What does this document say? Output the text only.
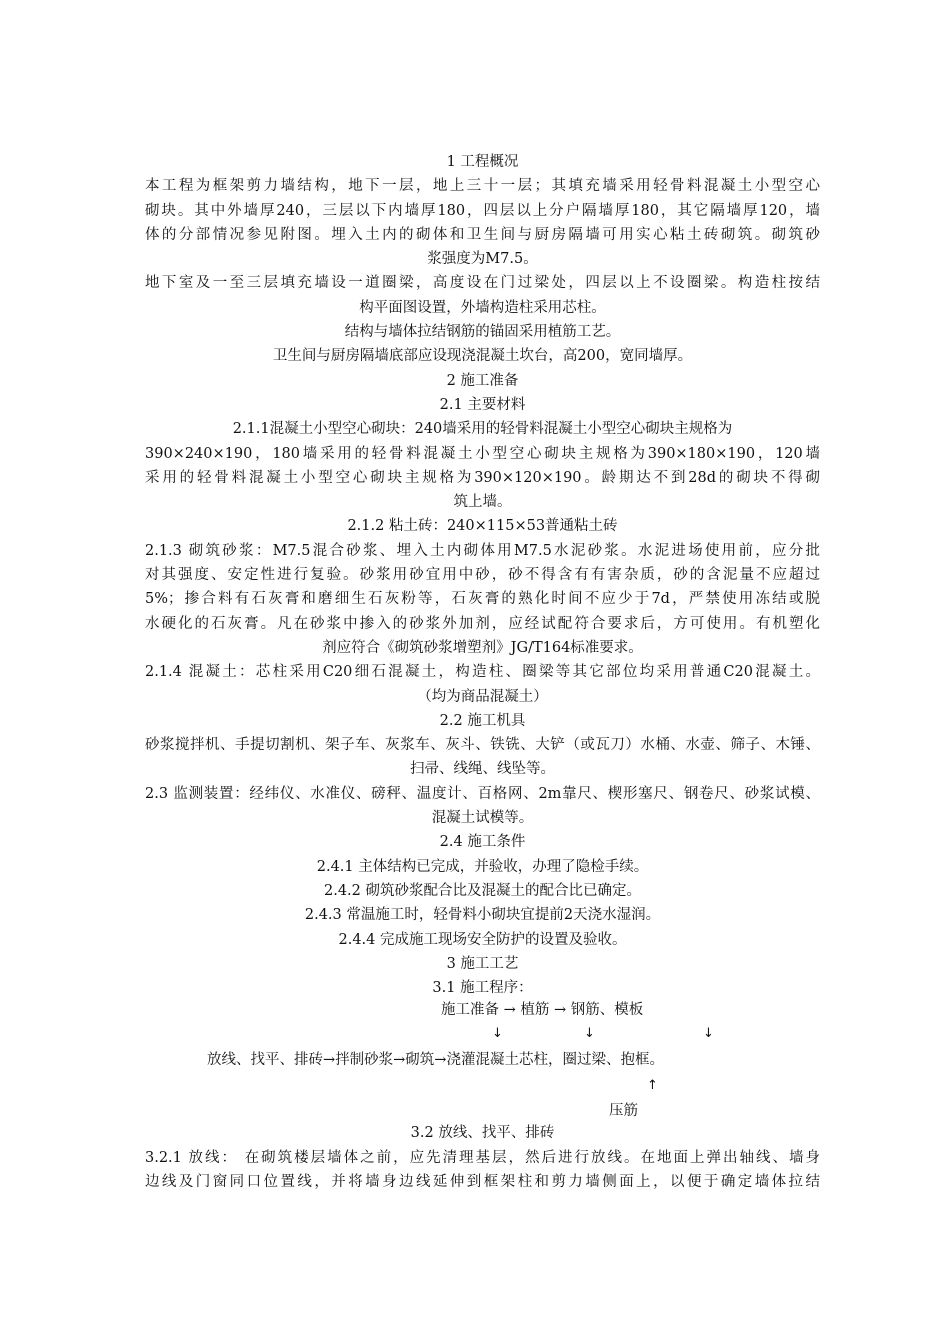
1 工程概况
本工程为框架剪力墙结构，地下一层，地上三十一层；其填充墙采用轻骨料混凝土小型空心
砌块。其中外墙厚240，三层以下内墙厚180，四层以上分户隔墙厚180，其它隔墙厚120，墙
体的分部情况参见附图。埋入土内的砌体和卫生间与厨房隔墙可用实心粘土砖砌筑。砌筑砂
浆强度为M7.5。
地下室及一至三层填充墙设一道圈梁，高度设在门过梁处，四层以上不设圈梁。构造柱按结
构平面图设置，外墙构造柱采用芯柱。
结构与墙体拉结钢筋的锚固采用植筋工艺。
卫生间与厨房隔墙底部应设现浇混凝土坎台，高200，宽同墙厚。
2 施工准备
2.1 主要材料
2.1.1混凝土小型空心砌块：240墙采用的轻骨料混凝土小型空心砌块主规格为
390×240×190，180墙采用的轻骨料混凝土小型空心砌块主规格为390×180×190，120墙
采用的轻骨料混凝土小型空心砌块主规格为390×120×190。龄期达不到28d的砌块不得砌
筑上墙。
2.1.2 粘土砖：240×115×53普通粘土砖
2.1.3 砌筑砂浆：M7.5混合砂浆、埋入土内砌体用M7.5水泥砂浆。水泥进场使用前，应分批
对其强度、安定性进行复验。砂浆用砂宜用中砂，砂不得含有有害杂质，砂的含泥量不应超过
5%；掺合料有石灰膏和磨细生石灰粉等，石灰膏的熟化时间不应少于7d，严禁使用冻结或脱
水硬化的石灰膏。凡在砂浆中掺入的砂浆外加剂，应经试配符合要求后，方可使用。有机塑化
剂应符合《砌筑砂浆增塑剂》JG/T164标准要求。
2.1.4 混凝土：芯柱采用C20细石混凝土，构造柱、圈梁等其它部位均采用普通C20混凝土。
（均为商品混凝土）
2.2 施工机具
砂浆搅拌机、手提切割机、架子车、灰浆车、灰斗、铁铣、大铲（或瓦刀）水桶、水壶、筛子、木锤、
扫帚、线绳、线坠等。
2.3 监测装置：经纬仪、水准仪、磅秤、温度计、百格网、2m靠尺、楔形塞尺、钢卷尺、砂浆试模、
混凝土试模等。
2.4 施工条件
2.4.1 主体结构已完成，并验收，办理了隐检手续。
2.4.2 砌筑砂浆配合比及混凝土的配合比已确定。
2.4.3 常温施工时，轻骨料小砌块宜提前2天浇水湿润。
2.4.4 完成施工现场安全防护的设置及验收。
3 施工工艺
3.1 施工程序：
施工准备 → 植筋 → 钢筋、模板
↓	↓	↓
放线、找平、排砖→拌制砂浆→砌筑→浇灌混凝土芯柱，圈过梁、抱框。
↑
压筋
3.2 放线、找平、排砖
3.2.1 放线： 在砌筑楼层墙体之前，应先清理基层，然后进行放线。在地面上弹出轴线、墙身
边线及门窗同口位置线，并将墙身边线延伸到框架柱和剪力墙侧面上，以便于确定墙体拉结
